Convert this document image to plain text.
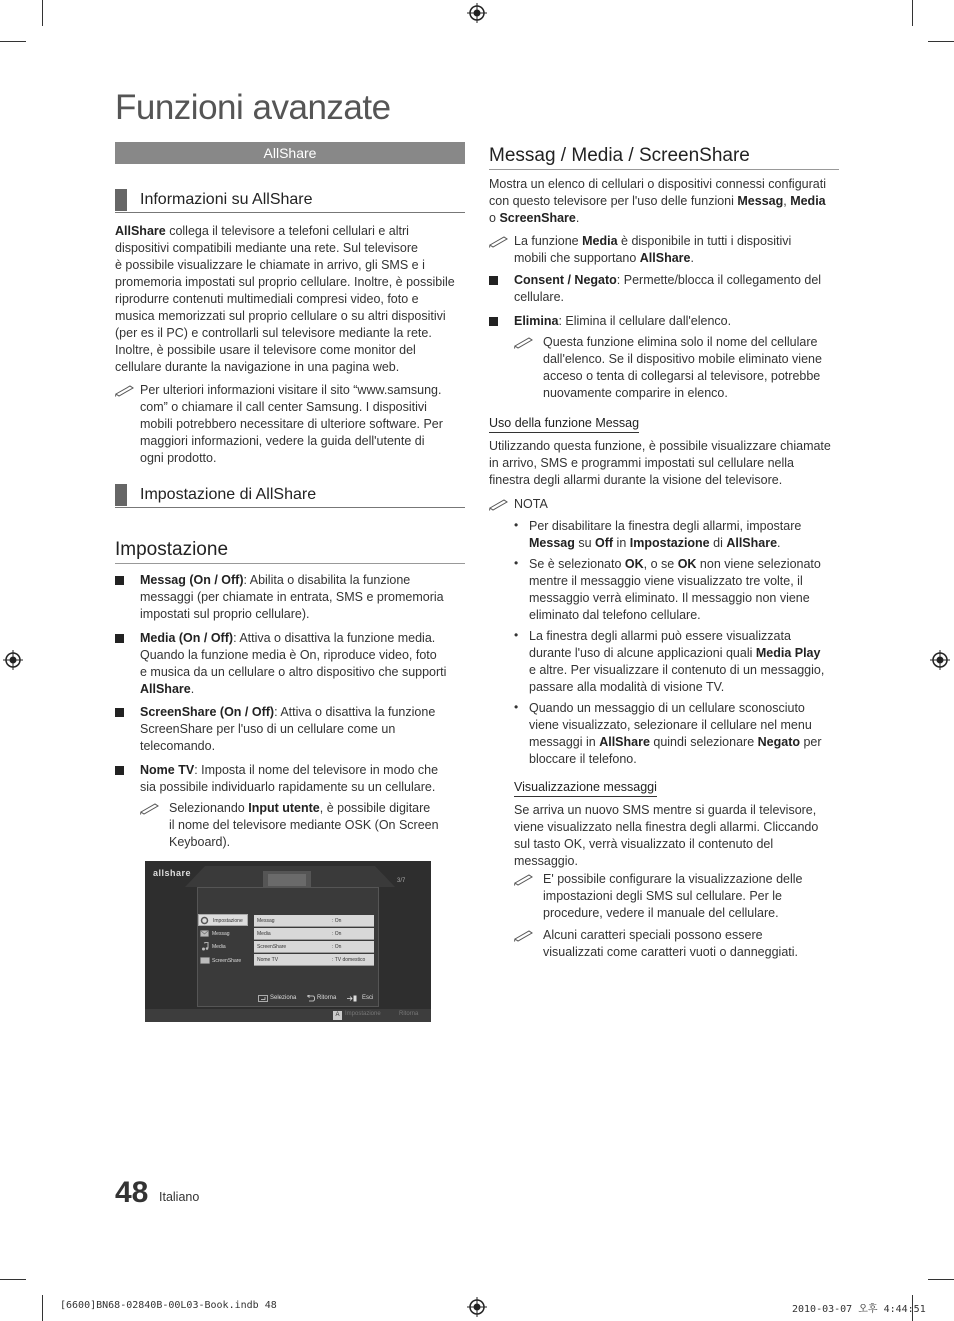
Funzioni avanzate
AllShare
Informazioni su AllShare
AllShare collega il televisore a telefoni cellulari e altri
dispositivi compatibili mediante una rete. Sul televisore
è possibile visualizzare le chiamate in arrivo, gli SMS e i
promemoria impostati sul proprio cellulare. Inoltre, è possibile
riprodurre contenuti multimediali compresi video, foto e
musica memorizzati sul proprio cellulare o su altri dispositivi
(per es il PC) e controllarli sul televisore mediante la rete.
Inoltre, è possibile usare il televisore come monitor del
cellulare durante la navigazione in una pagina web.
Per ulteriori informazioni visitare il sito “www.samsung.
com” o chiamare il call center Samsung. I dispositivi
mobili potrebbero necessitare di ulteriore software. Per
maggiori informazioni, vedere la guida dell'utente di
ogni prodotto.
Impostazione di AllShare
Impostazione
Messag (On / Off): Abilita o disabilita la funzione
messaggi (per chiamate in entrata, SMS e promemoria
impostati sul proprio cellulare).
Media (On / Off): Attiva o disattiva la funzione media.
Quando la funzione media è On, riproduce video, foto
e musica da un cellulare o altro dispositivo che supporti
AllShare.
ScreenShare (On / Off): Attiva o disattiva la funzione
ScreenShare per l'uso di un cellulare come un
telecomando.
Nome TV: Imposta il nome del televisore in modo che
sia possibile individuarlo rapidamente su un cellulare.
Selezionando Input utente, è possibile digitare
il nome del televisore mediante OSK (On Screen
Keyboard).
allshare
3/7
Impostazione
Messag
Media
ScreenShare
Messag	: On
Media	: On
ScreenShare	: On
Nome TV	: TV domestico
Seleziona	Ritorna	Esci
A Impostazione	Ritorna
Messag / Media / ScreenShare
Mostra un elenco di cellulari o dispositivi connessi configurati
con questo televisore per l'uso delle funzioni Messag, Media
o ScreenShare.
La funzione Media è disponibile in tutti i dispositivi
mobili che supportano AllShare.
Consent / Negato: Permette/blocca il collegamento del
cellulare.
Elimina: Elimina il cellulare dall'elenco.
Questa funzione elimina solo il nome del cellulare
dall'elenco. Se il dispositivo mobile eliminato viene
acceso o tenta di collegarsi al televisore, potrebbe
nuovamente comparire in elenco.
Uso della funzione Messag
Utilizzando questa funzione, è possibile visualizzare chiamate
in arrivo, SMS e programmi impostati sul cellulare nella
finestra degli allarmi durante la visione del televisore.
NOTA
• Per disabilitare la finestra degli allarmi, impostare
Messag su Off in Impostazione di AllShare.
• Se è selezionato OK, o se OK non viene selezionato
mentre il messaggio viene visualizzato tre volte, il
messaggio verrà eliminato. Il messaggio non viene
eliminato dal telefono cellulare.
• La finestra degli allarmi può essere visualizzata
durante l'uso di alcune applicazioni quali Media Play
e altre. Per visualizzare il contenuto di un messaggio,
passare alla modalità di visione TV.
• Quando un messaggio di un cellulare sconosciuto
viene visualizzato, selezionare il cellulare nel menu
messaggi in AllShare quindi selezionare Negato per
bloccare il telefono.
Visualizzazione messaggi
Se arriva un nuovo SMS mentre si guarda il televisore,
viene visualizzato nella finestra degli allarmi. Cliccando
sul tasto OK, verrà visualizzato il contenuto del
messaggio.
E' possibile configurare la visualizzazione delle
impostazioni degli SMS sul cellulare. Per le
procedure, vedere il manuale del cellulare.
Alcuni caratteri speciali possono essere
visualizzati come caratteri vuoti o danneggiati.
48 Italiano
[6600]BN68-02840B-00L03-Book.indb 48	2010-03-07 오후 4:44:51
